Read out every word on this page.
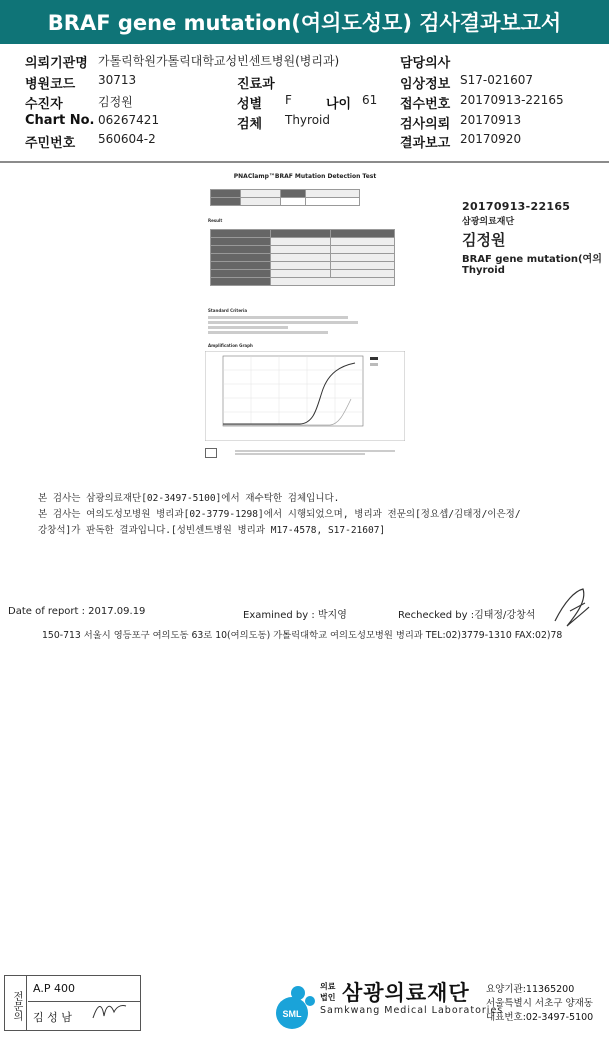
BRAF gene mutation(여의도성모) 검사결과보고서
의뢰기관명 가톨릭학원가톨릭대학교성빈센트병원(병리과)	담당의사
병원코드 30713	진료과	임상정보 S17-021607
수진자	김정원	성별 F	나이 61 접수번호 20170913-22165
Chart No. 06267421	검체 Thyroid	검사의뢰 20170913
주민번호 560604-2	결과보고 20170920
PNAClamp™BRAF Mutation Detection Test

Result

Standard Criteria
Amplification Graph
20170913-22165
삼광의료재단
김정원
BRAF gene mutation(여의
Thyroid
본 검사는 삼광의료재단[02-3497-5100]에서 재수탁한 검체입니다.
본 검사는 여의도성모병원 병리과[02-3779-1298]에서 시행되었으며, 병리과 전문의[정요셉/김태정/이은정/
강창석]가 판독한 결과입니다.[성빈센트병원 병리과 M17-4578, S17-21607]
Date of report : 2017.09.19	Examined by : 박지영	Rechecked by :김태정/강창석
150-713 서울시 영등포구 여의도동 63로 10(여의도동) 가톨릭대학교 여의도성모병원 병리과 TEL:02)3779-1310 FAX:02)78
전문의
A.P 400
김 성 남	SML
의료
법인 삼광의료재단
Samkwang Medical Laboratories
요양기관:11365200
서울특별시 서초구 양재동
대표번호:02-3497-5100
